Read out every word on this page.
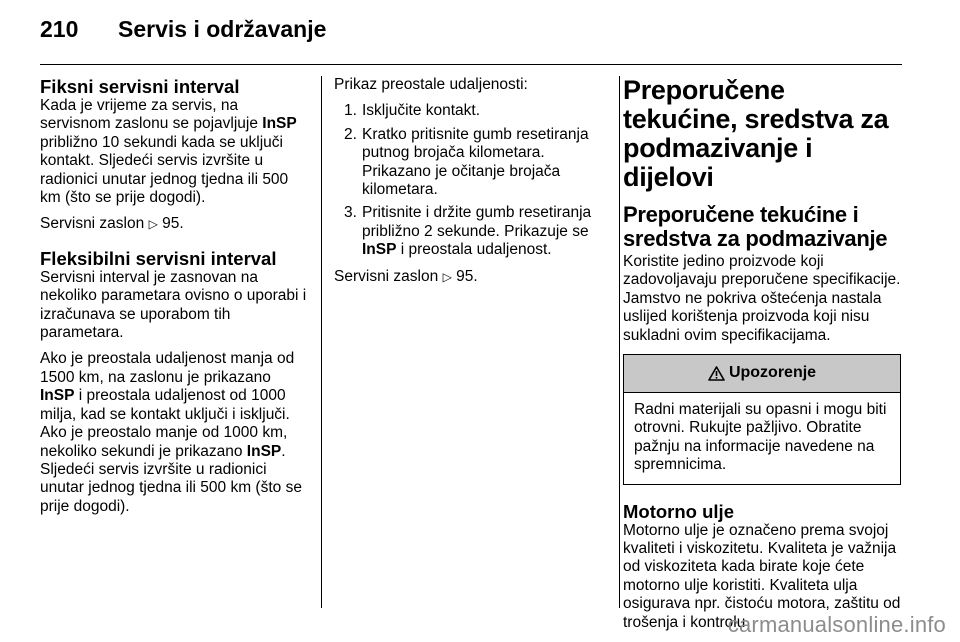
210 Servis i održavanje
Fiksni servisni interval

Kada je vrijeme za servis, na servisnom zaslonu se pojavljuje InSP približno 10 sekundi kada se uključi kontakt. Sljedeći servis izvršite u radionici unutar jednog tjedna ili 500 km (što se prije dogodi).

Servisni zaslon ▷ 95.

Fleksibilni servisni interval

Servisni interval je zasnovan na nekoliko parametara ovisno o uporabi i izračunava se uporabom tih parametara.

Ako je preostala udaljenost manja od 1500 km, na zaslonu je prikazano InSP i preostala udaljenost od 1000 milja, kad se kontakt uključi i isključi. Ako je preostalo manje od 1000 km, nekoliko sekundi je prikazano InSP. Sljedeći servis izvršite u radionici unutar jednog tjedna ili 500 km (što se prije dogodi).

Prikaz preostale udaljenosti:

1. Isključite kontakt.
2. Kratko pritisnite gumb resetiranja putnog brojača kilometara. Prikazano je očitanje brojača kilometara.
3. Pritisnite i držite gumb resetiranja približno 2 sekunde. Prikazuje se InSP i preostala udaljenost.

Servisni zaslon ▷ 95.

Preporučene tekućine, sredstva za podmazivanje i dijelovi
Preporučene tekućine i sredstva za podmazivanje

Koristite jedino proizvode koji zadovoljavaju preporučene specifikacije. Jamstvo ne pokriva oštećenja nastala uslijed korištenja proizvoda koji nisu sukladni ovim specifikacijama.

Upozorenje
Radni materijali su opasni i mogu biti otrovni. Rukujte pažljivo. Obratite pažnju na informacije navedene na spremnicima.
Motorno ulje

Motorno ulje je označeno prema svojoj kvaliteti i viskozitetu. Kvaliteta je važnija od viskoziteta kada birate koje ćete motorno ulje koristiti. Kvaliteta ulja osigurava npr. čistoću motora, zaštitu od trošenja i kontrolu

carmanualsonline.info
